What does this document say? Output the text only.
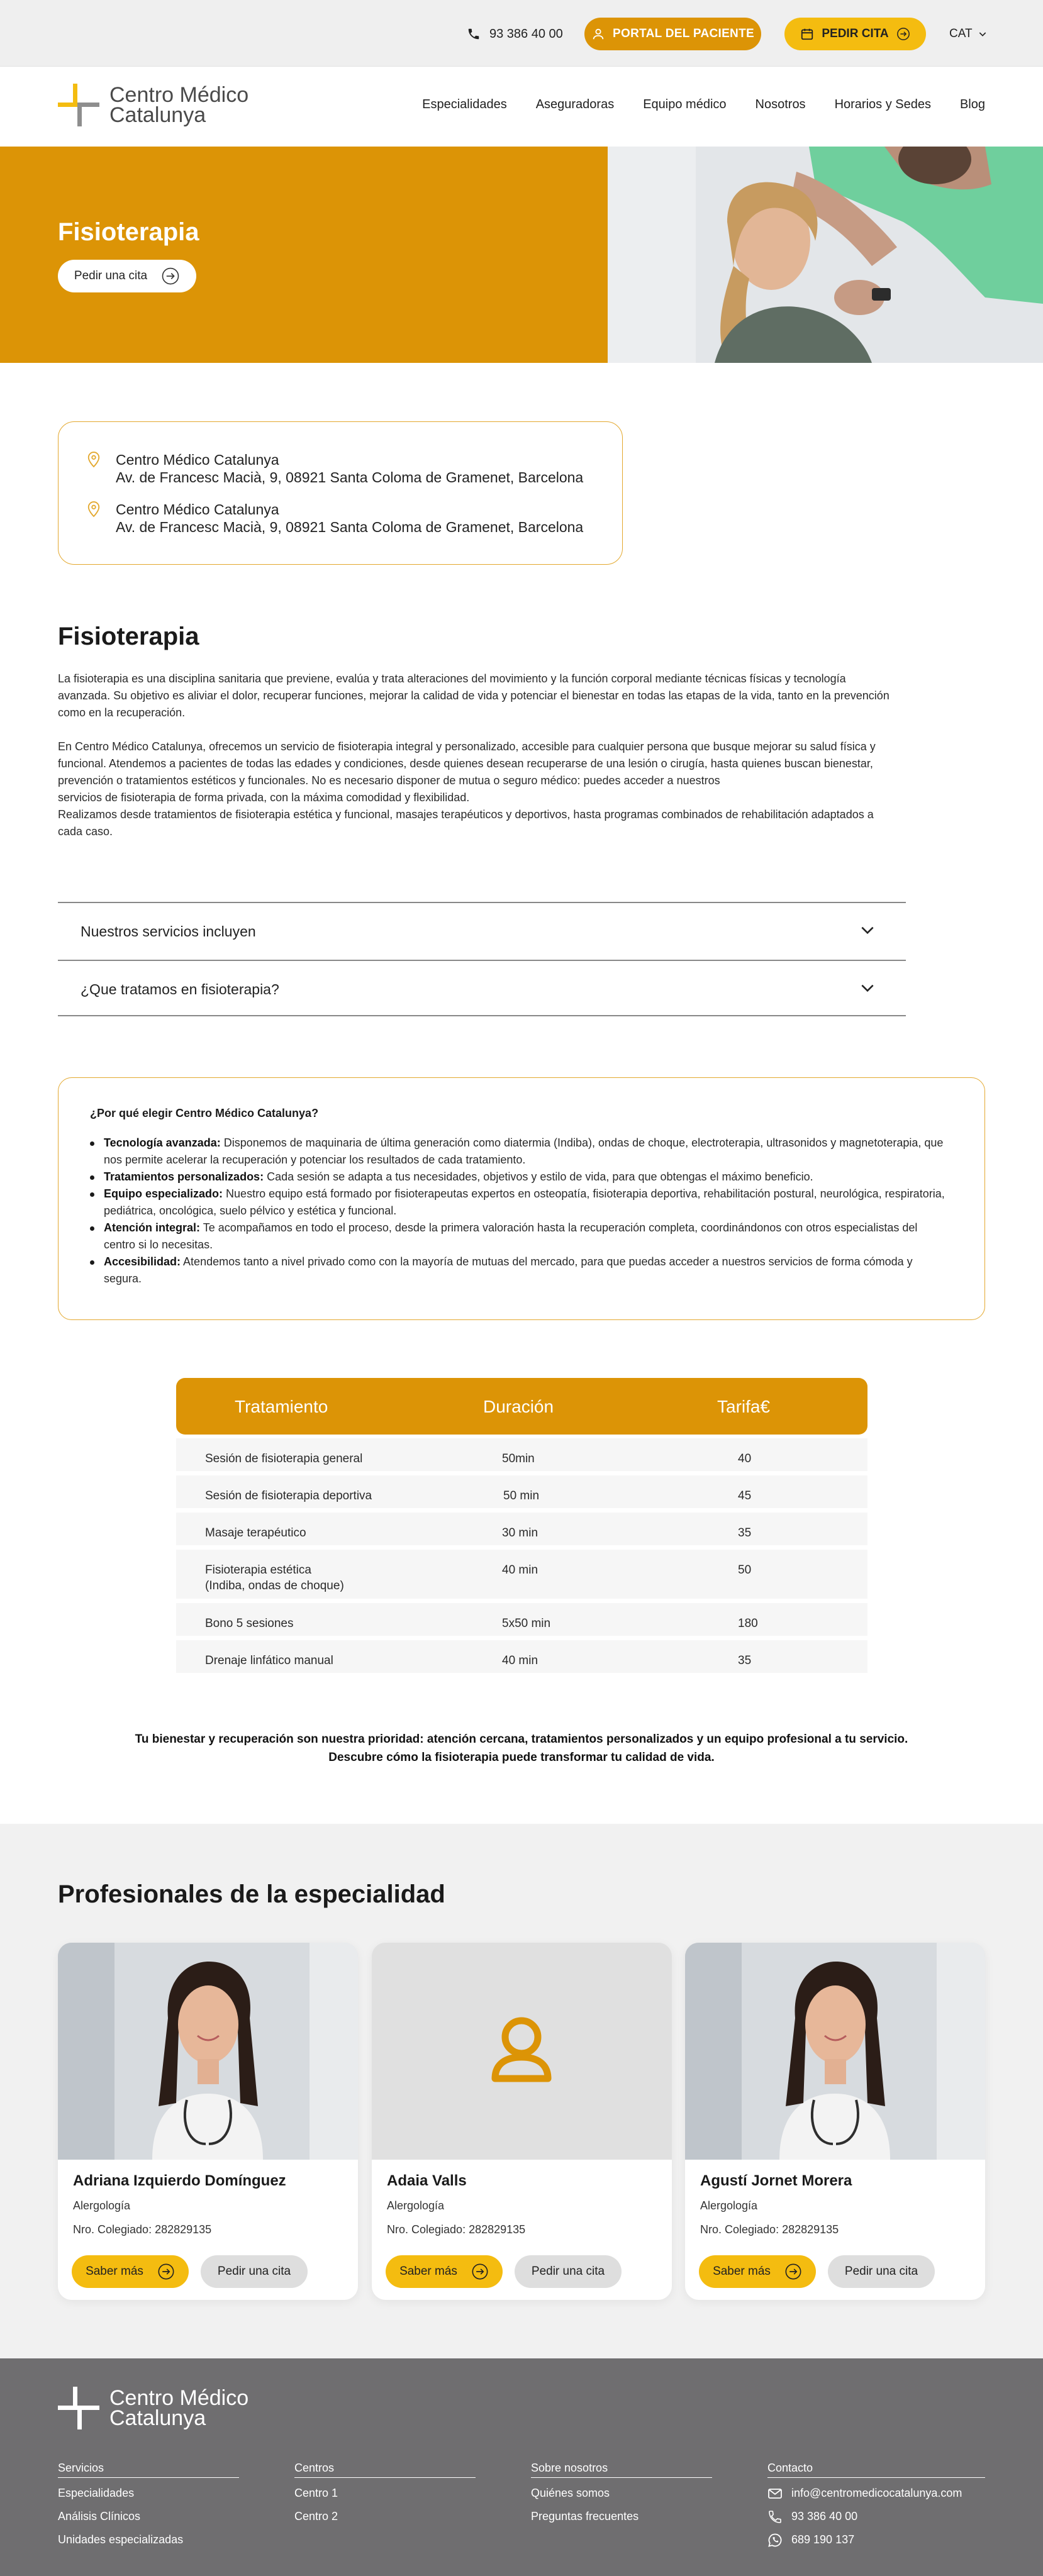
93 386 40 00	PORTAL DEL PACIENTE	PEDIR CITA	CAT
Centro Médico
Catalunya	Especialidades Aseguradoras Equipo médico Nosotros Horarios y Sedes Blog
Fisioterapia
Pedir una cita
Centro Médico Catalunya
Av. de Francesc Macià, 9, 08921 Santa Coloma de Gramenet, Barcelona
Centro Médico Catalunya
Av. de Francesc Macià, 9, 08921 Santa Coloma de Gramenet, Barcelona
Fisioterapia

La fisioterapia es una disciplina sanitaria que previene, evalúa y trata alteraciones del movimiento y la función corporal mediante técnicas físicas y tecnología avanzada. Su objetivo es aliviar el dolor, recuperar funciones, mejorar la calidad de vida y potenciar el bienestar en todas las etapas de la vida, tanto en la prevención como en la recuperación.

En Centro Médico Catalunya, ofrecemos un servicio de fisioterapia integral y personalizado, accesible para cualquier persona que busque mejorar su salud física y funcional. Atendemos a pacientes de todas las edades y condiciones, desde quienes desean recuperarse de una lesión o cirugía, hasta quienes buscan bienestar, prevención o tratamientos estéticos y funcionales. No es necesario disponer de mutua o seguro médico: puedes acceder a nuestros
servicios de fisioterapia de forma privada, con la máxima comodidad y flexibilidad.
Realizamos desde tratamientos de fisioterapia estética y funcional, masajes terapéuticos y deportivos, hasta programas combinados de rehabilitación adaptados a cada caso.
Nuestros servicios incluyen
¿Que tratamos en fisioterapia?
¿Por qué elegir Centro Médico Catalunya?
Tecnología avanzada: Disponemos de maquinaria de última generación como diatermia (Indiba), ondas de choque, electroterapia, ultrasonidos y magnetoterapia, que nos permite acelerar la recuperación y potenciar los resultados de cada tratamiento.
Tratamientos personalizados: Cada sesión se adapta a tus necesidades, objetivos y estilo de vida, para que obtengas el máximo beneficio.
Equipo especializado: Nuestro equipo está formado por fisioterapeutas expertos en osteopatía, fisioterapia deportiva, rehabilitación postural, neurológica, respiratoria, pediátrica, oncológica, suelo pélvico y estética y funcional.
Atención integral: Te acompañamos en todo el proceso, desde la primera valoración hasta la recuperación completa, coordinándonos con otros especialistas del centro si lo necesitas.
Accesibilidad: Atendemos tanto a nivel privado como con la mayoría de mutuas del mercado, para que puedas acceder a nuestros servicios de forma cómoda y segura.
Tratamiento	Duración	Tarifa€
Sesión de fisioterapia general	50min	40
Sesión de fisioterapia deportiva	50 min	45
Masaje terapéutico	30 min	35
Fisioterapia estética
(Indiba, ondas de choque)
40 min	50
Bono 5 sesiones	5x50 min	180
Drenaje linfático manual	40 min	35
Tu bienestar y recuperación son nuestra prioridad: atención cercana, tratamientos personalizados y un equipo profesional a tu servicio.
Descubre cómo la fisioterapia puede transformar tu calidad de vida.
Profesionales de la especialidad
Adriana Izquierdo Domínguez
Alergología
Nro. Colegiado: 282829135
Saber más	Pedir una cita
Adaia Valls
Alergología
Nro. Colegiado: 282829135
Saber más	Pedir una cita
Agustí Jornet Morera
Alergología
Nro. Colegiado: 282829135
Saber más	Pedir una cita
Centro Médico
Catalunya
Servicios
Especialidades
Análisis Clínicos
Unidades especializadas
Centros
Centro 1
Centro 2
Sobre nosotros
Quiénes somos
Preguntas frecuentes
Contacto
info@centromedicocatalunya.com
93 386 40 00
689 190 137
